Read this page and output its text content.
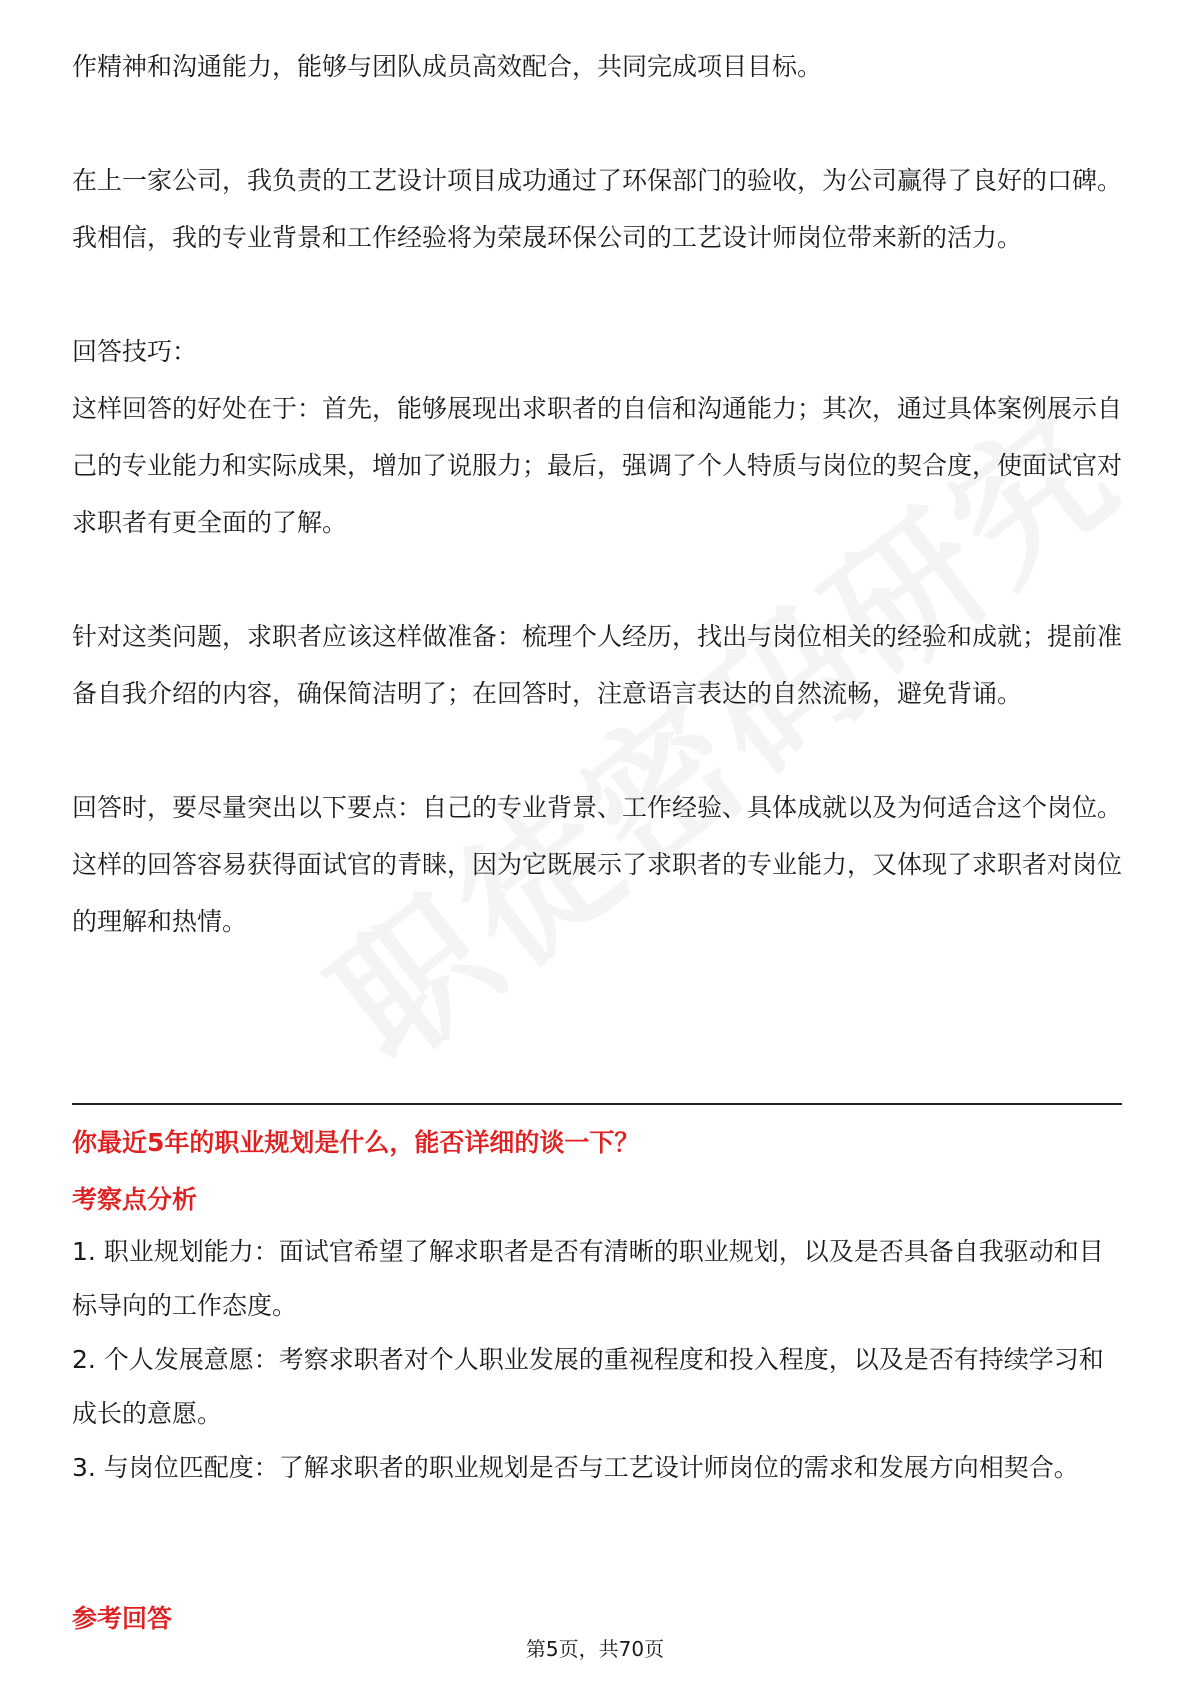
作精神和沟通能力，能够与团队成员高效配合，共同完成项目目标。

在上一家公司，我负责的工艺设计项目成功通过了环保部门的验收，为公司赢得了良好的口碑。我相信，我的专业背景和工作经验将为荣晟环保公司的工艺设计师岗位带来新的活力。

回答技巧：

这样回答的好处在于：首先，能够展现出求职者的自信和沟通能力；其次，通过具体案例展示自己的专业能力和实际成果，增加了说服力；最后，强调了个人特质与岗位的契合度，使面试官对求职者有更全面的了解。

针对这类问题，求职者应该这样做准备：梳理个人经历，找出与岗位相关的经验和成就；提前准备自我介绍的内容，确保简洁明了；在回答时，注意语言表达的自然流畅，避免背诵。

回答时，要尽量突出以下要点：自己的专业背景、工作经验、具体成就以及为何适合这个岗位。这样的回答容易获得面试官的青睐，因为它既展示了求职者的专业能力，又体现了求职者对岗位的理解和热情。

你最近5年的职业规划是什么，能否详细的谈一下？

考察点分析

1. 职业规划能力：面试官希望了解求职者是否有清晰的职业规划，以及是否具备自我驱动和目标导向的工作态度。

2. 个人发展意愿：考察求职者对个人职业发展的重视程度和投入程度，以及是否有持续学习和成长的意愿。

3. 与岗位匹配度：了解求职者的职业规划是否与工艺设计师岗位的需求和发展方向相契合。

参考回答

第5页，共70页
